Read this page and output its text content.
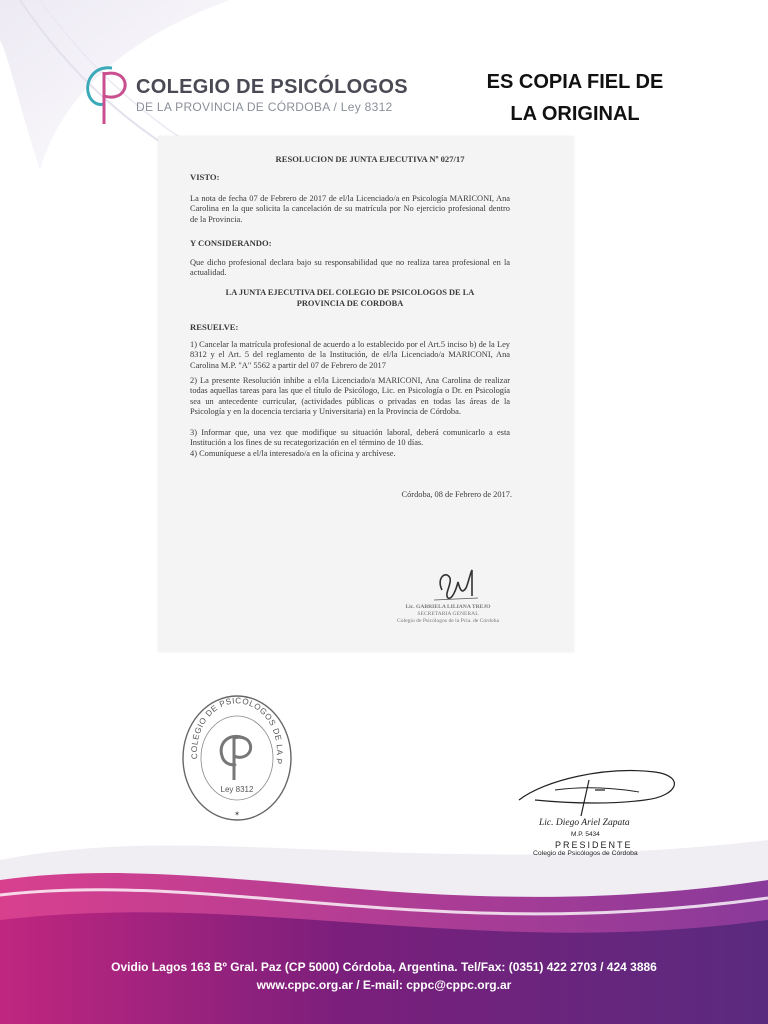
COLEGIO DE PSICÓLOGOS
DE LA PROVINCIA DE CÓRDOBA / Ley 8312
ES COPIA FIEL DE
LA ORIGINAL
RESOLUCION DE JUNTA EJECUTIVA Nº 027/17
VISTO:
La nota de fecha 07 de Febrero de 2017 de el/la Licenciado/a en Psicología MARICONI, Ana Carolina en la que solicita la cancelación de su matrícula por No ejercicio profesional dentro de la Provincia.
Y CONSIDERANDO:
Que dicho profesional declara bajo su responsabilidad que no realiza tarea profesional en la actualidad.
LA JUNTA EJECUTIVA DEL COLEGIO DE PSICOLOGOS DE LA
PROVINCIA DE CORDOBA
RESUELVE:
1) Cancelar la matrícula profesional de acuerdo a lo establecido por el Art.5 inciso b) de la Ley 8312 y el Art. 5 del reglamento de la Institución, de el/la Licenciado/a MARICONI, Ana Carolina M.P. "A" 5562 a partir del 07 de Febrero de 2017
2) La presente Resolución inhibe a el/la Licenciado/a MARICONI, Ana Carolina de realizar todas aquellas tareas para las que el título de Psicólogo, Lic. en Psicología o Dr. en Psicología sea un antecedente curricular, (actividades públicas o privadas en todas las áreas de la Psicología y en la docencia terciaria y Universitaria) en la Provincia de Córdoba.
3) Informar que, una vez que modifique su situación laboral, deberá comunicarlo a esta Institución a los fines de su recategorización en el término de 10 días.
4) Comuníquese a el/la interesado/a en la oficina y archívese.
Córdoba, 08 de Febrero de 2017.
Lic. GABRIELA LILIANA TREJO
SECRETARIA GENERAL
Colegio de Psicólogos de la Pcia. de Córdoba
COLEGIO DE PSICÓLOGOS DE LA P
Ley 8312
✶
Lic. Diego Ariel Zapata
M.P. 5434
PRESIDENTE
Colegio de Psicólogos de Córdoba
Ovidio Lagos 163 Bº Gral. Paz (CP 5000) Córdoba, Argentina. Tel/Fax: (0351) 422 2703 / 424 3886
www.cppc.org.ar / E-mail: cppc@cppc.org.ar
